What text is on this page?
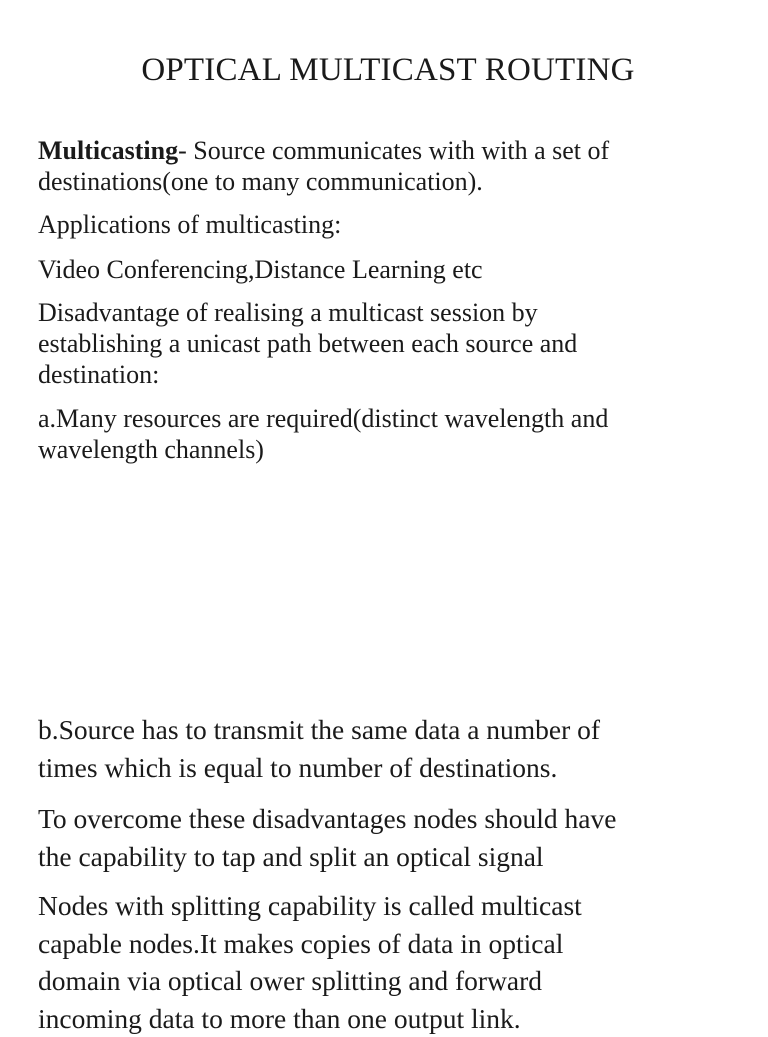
OPTICAL MULTICAST ROUTING

Multicasting- Source communicates with with a set of
destinations(one to many communication).

Applications of multicasting:

Video Conferencing,Distance Learning etc

Disadvantage of realising a multicast session by
establishing a unicast path between each source and
destination:

a.Many resources are required(distinct wavelength and
wavelength channels)

b.Source has to transmit the same data a number of
times which is equal to number of destinations.

To overcome these disadvantages nodes should have
the capability to tap and split an optical signal

Nodes with splitting capability is called multicast
capable nodes.It makes copies of data in optical
domain via optical ower splitting and forward
incoming data to more than one output link.
